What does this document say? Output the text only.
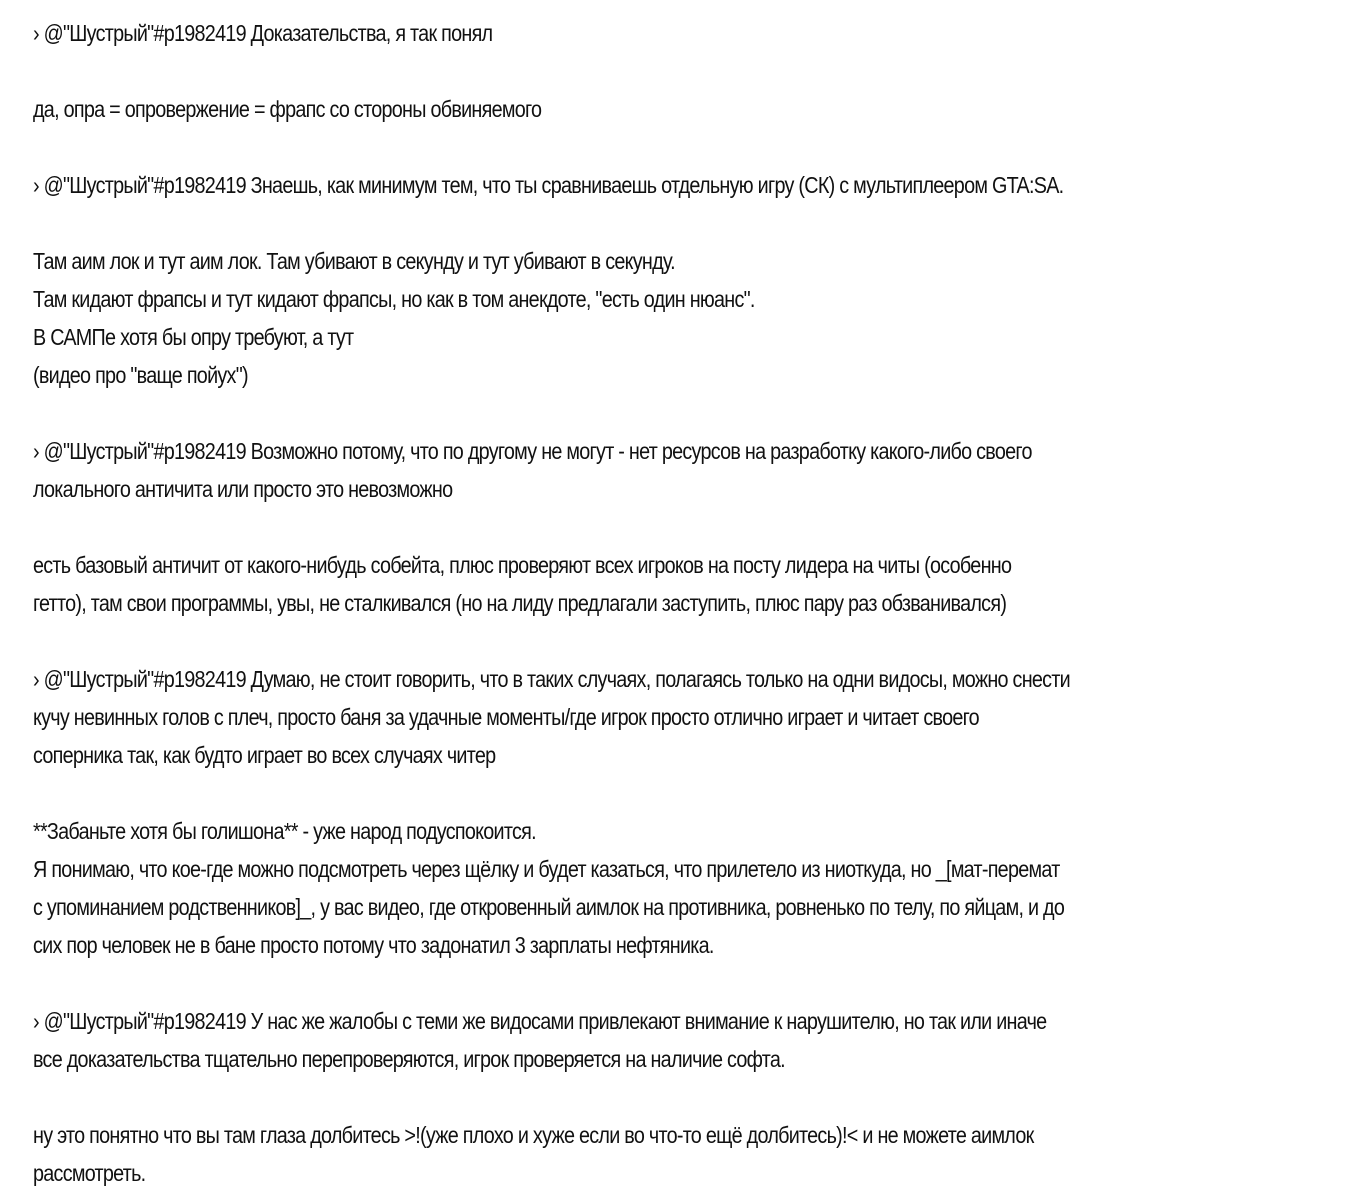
› @"Шустрый"#p1982419 Доказательства, я так понял
да, опра = опровержение = фрапс со стороны обвиняемого
› @"Шустрый"#p1982419 Знаешь, как минимум тем, что ты сравниваешь отдельную игру (СК) с мультиплеером GTA:SA.
Там аим лок и тут аим лок. Там убивают в секунду и тут убивают в секунду.
Там кидают фрапсы и тут кидают фрапсы, но как в том анекдоте, "есть один нюанс".
В САМПе хотя бы опру требуют, а тут
(видео про "ваще пойух")
› @"Шустрый"#p1982419 Возможно потому, что по другому не могут - нет ресурсов на разработку какого-либо своего
локального античита или просто это невозможно
есть базовый античит от какого-нибудь собейта, плюс проверяют всех игроков на посту лидера на читы (особенно
гетто), там свои программы, увы, не сталкивался (но на лиду предлагали заступить, плюс пару раз обзванивался)
› @"Шустрый"#p1982419 Думаю, не стоит говорить, что в таких случаях, полагаясь только на одни видосы, можно снести
кучу невинных голов с плеч, просто баня за удачные моменты/где игрок просто отлично играет и читает своего
соперника так, как будто играет во всех случаях читер
**Забаньте хотя бы голишона** - уже народ подуспокоится.
Я понимаю, что кое-где можно подсмотреть через щёлку и будет казаться, что прилетело из ниоткуда, но _[мат-перемат
с упоминанием родственников]_, у вас видео, где откровенный аимлок на противника, ровненько по телу, по яйцам, и до
сих пор человек не в бане просто потому что задонатил 3 зарплаты нефтяника.
› @"Шустрый"#p1982419 У нас же жалобы с теми же видосами привлекают внимание к нарушителю, но так или иначе
все доказательства тщательно перепроверяются, игрок проверяется на наличие софта.
ну это понятно что вы там глаза долбитесь >!(уже плохо и хуже если во что-то ещё долбитесь)!< и не можете аимлок
рассмотреть.
